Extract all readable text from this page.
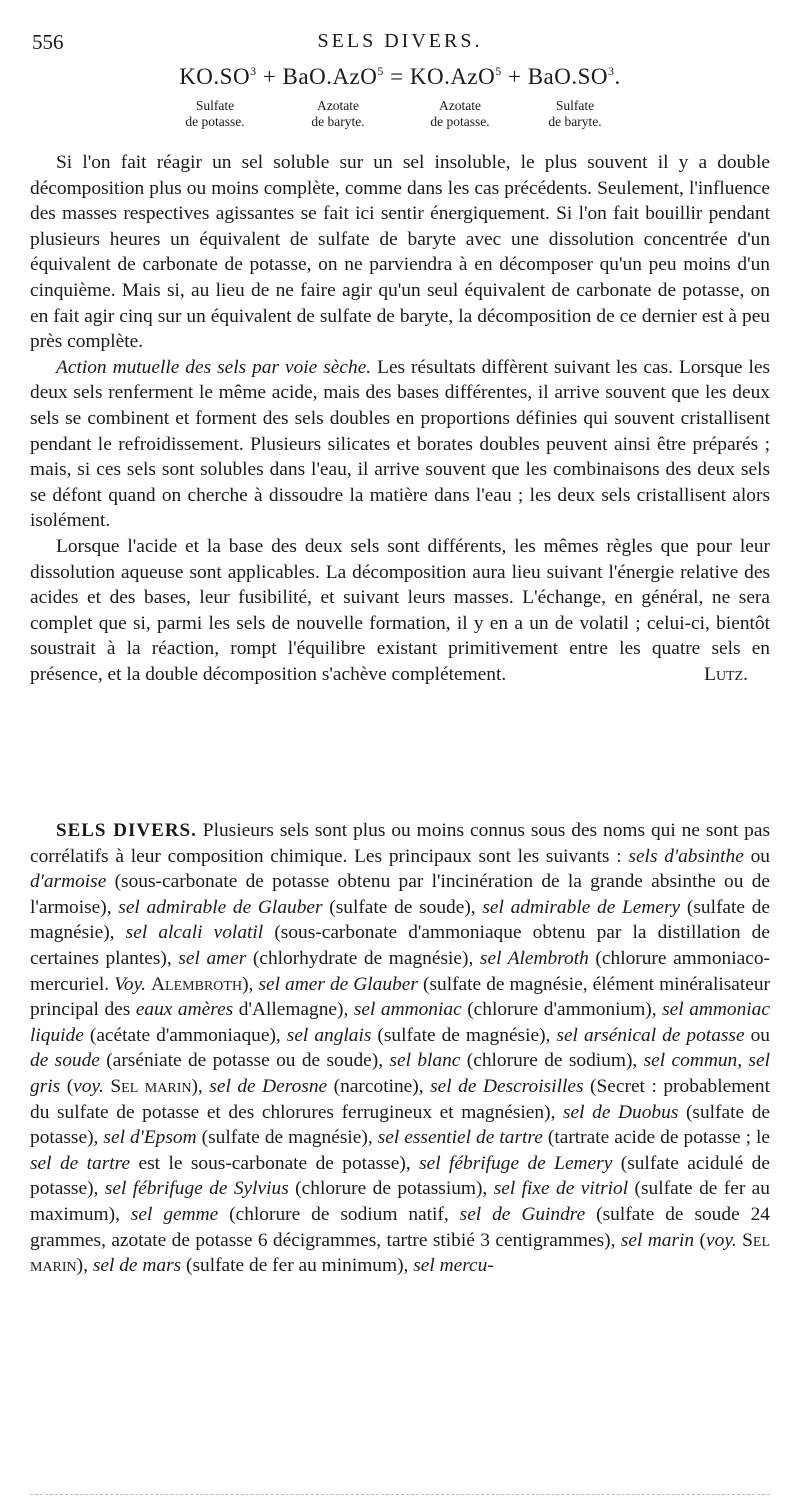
556	SELS DIVERS.
$KO.SO^3 + BaO.AzO^5 = KO.AzO^5 + BaO.SO^3$.
Sulfate
de potasse.
Azotate
de baryte.
Azotate
de potasse.
Sulfate
de baryte.

Si l'on fait réagir un sel soluble sur un sel insoluble, le plus souvent il y a double décomposition plus ou moins complète, comme dans les cas précédents. Seulement, l'influence des masses respectives agissantes se fait ici sentir énergiquement. Si l'on fait bouillir pendant plusieurs heures un équivalent de sulfate de baryte avec une dissolution concentrée d'un équivalent de carbonate de potasse, on ne parviendra à en décomposer qu'un peu moins d'un cinquième. Mais si, au lieu de ne faire agir qu'un seul équivalent de carbonate de potasse, on en fait agir cinq sur un équivalent de sulfate de baryte, la décomposition de ce dernier est à peu près complète.

Action mutuelle des sels par voie sèche. Les résultats diffèrent suivant les cas. Lorsque les deux sels renferment le même acide, mais des bases différentes, il arrive souvent que les deux sels se combinent et forment des sels doubles en proportions définies qui souvent cristallisent pendant le refroidissement. Plusieurs silicates et borates doubles peuvent ainsi être préparés ; mais, si ces sels sont solubles dans l'eau, il arrive souvent que les combinaisons des deux sels se défont quand on cherche à dissoudre la matière dans l'eau ; les deux sels cristallisent alors isolément.

Lorsque l'acide et la base des deux sels sont différents, les mêmes règles que pour leur dissolution aqueuse sont applicables. La décomposition aura lieu suivant l'énergie relative des acides et des bases, leur fusibilité, et suivant leurs masses. L'échange, en général, ne sera complet que si, parmi les sels de nouvelle formation, il y en a un de volatil ; celui-ci, bientôt soustrait à la réaction, rompt l'équilibre existant primitivement entre les quatre sels en présence, et la double décomposition s'achève complétement.	Lutz.

SELS DIVERS. Plusieurs sels sont plus ou moins connus sous des noms qui ne sont pas corrélatifs à leur composition chimique. Les principaux sont les suivants : sels d'absinthe ou d'armoise (sous-carbonate de potasse obtenu par l'incinération de la grande absinthe ou de l'armoise), sel admirable de Glauber (sulfate de soude), sel admirable de Lemery (sulfate de magnésie), sel alcali volatil (sous-carbonate d'ammoniaque obtenu par la distillation de certaines plantes), sel amer (chlorhydrate de magnésie), sel Alembroth (chlorure ammoniaco-mercuriel. Voy. Alembroth), sel amer de Glauber (sulfate de magnésie, élément minéralisateur principal des eaux amères d'Allemagne), sel ammoniac (chlorure d'ammonium), sel ammoniac liquide (acétate d'ammoniaque), sel anglais (sulfate de magnésie), sel arsénical de potasse ou de soude (arséniate de potasse ou de soude), sel blanc (chlorure de sodium), sel commun, sel gris (voy. Sel marin), sel de Derosne (narcotine), sel de Descroisilles (Secret : probablement du sulfate de potasse et des chlorures ferrugineux et magnésien), sel de Duobus (sulfate de potasse), sel d'Epsom (sulfate de magnésie), sel essentiel de tartre (tartrate acide de potasse ; le sel de tartre est le sous-carbonate de potasse), sel fébrifuge de Lemery (sulfate acidulé de potasse), sel fébrifuge de Sylvius (chlorure de potassium), sel fixe de vitriol (sulfate de fer au maximum), sel gemme (chlorure de sodium natif, sel de Guindre (sulfate de soude 24 grammes, azotate de potasse 6 décigrammes, tartre stibié 3 centigrammes), sel marin (voy. Sel marin), sel de mars (sulfate de fer au minimum), sel mercu-
